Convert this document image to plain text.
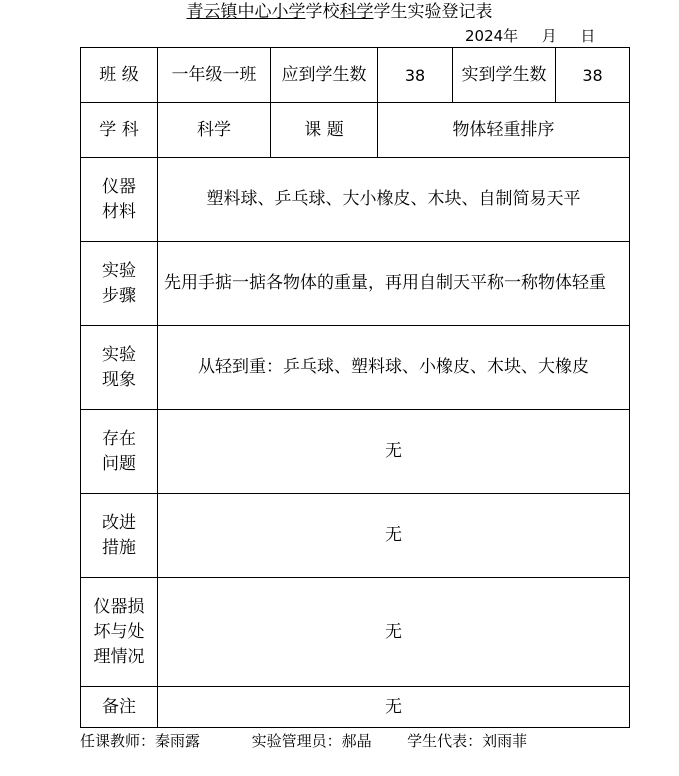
青云镇中心小学学校科学学生实验登记表
2024年 月 日
班 级	一年级一班	应到学生数	38	实到学生数	38
学 科	科学	课 题	物体轻重排序		
仪器
材料	塑料球、乒乓球、大小橡皮、木块、自制简易天平				
实验
步骤	先用手掂一掂各物体的重量，再用自制天平称一称物体轻重				
实验
现象	从轻到重：乒乓球、塑料球、小橡皮、木块、大橡皮				
存在
问题	无				
改进
措施	无				
仪器损
坏与处
理情况	无				
备注	无				
任课教师：秦雨露	实验管理员：郝晶 学生代表：刘雨菲
